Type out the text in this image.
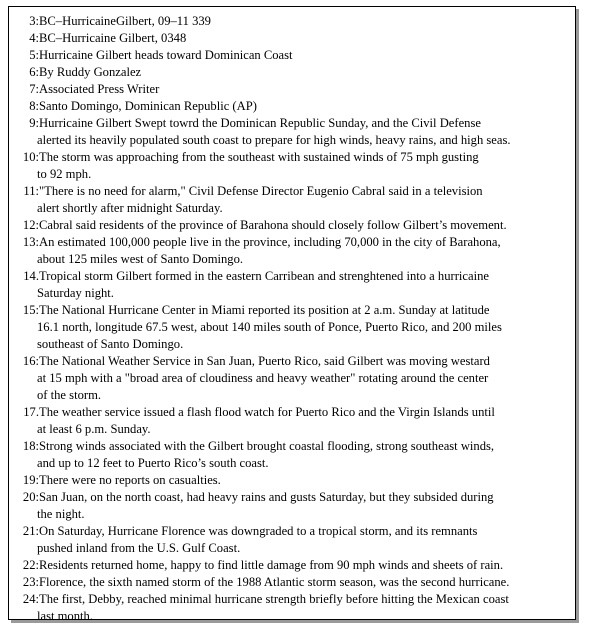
3: BC–HurricaineGilbert, 09–11 339
4: BC–Hurricaine Gilbert, 0348
5: Hurricaine Gilbert heads toward Dominican Coast
6: By Ruddy Gonzalez
7: Associated Press Writer
8: Santo Domingo, Dominican Republic (AP)
9: Hurricaine Gilbert Swept towrd the Dominican Republic Sunday, and the Civil Defense
alerted its heavily populated south coast to prepare for high winds, heavy rains, and high seas.
10: The storm was approaching from the southeast with sustained winds of 75 mph gusting
to 92 mph.
11: "There is no need for alarm," Civil Defense Director Eugenio Cabral said in a television
alert shortly after midnight Saturday.
12: Cabral said residents of the province of Barahona should closely follow Gilbert’s movement.
13: An estimated 100,000 people live in the province, including 70,000 in the city of Barahona,
about 125 miles west of Santo Domingo.
14. Tropical storm Gilbert formed in the eastern Carribean and strenghtened into a hurricaine
Saturday night.
15: The National Hurricane Center in Miami reported its position at 2 a.m. Sunday at latitude
16.1 north, longitude 67.5 west, about 140 miles south of Ponce, Puerto Rico, and 200 miles
southeast of Santo Domingo.
16: The National Weather Service in San Juan, Puerto Rico, said Gilbert was moving westard
at 15 mph with a "broad area of cloudiness and heavy weather" rotating around the center
of the storm.
17. The weather service issued a flash flood watch for Puerto Rico and the Virgin Islands until
at least 6 p.m. Sunday.
18: Strong winds associated with the Gilbert brought coastal flooding, strong southeast winds,
and up to 12 feet to Puerto Rico’s south coast.
19: There were no reports on casualties.
20: San Juan, on the north coast, had heavy rains and gusts Saturday, but they subsided during
the night.
21: On Saturday, Hurricane Florence was downgraded to a tropical storm, and its remnants
pushed inland from the U.S. Gulf Coast.
22: Residents returned home, happy to find little damage from 90 mph winds and sheets of rain.
23: Florence, the sixth named storm of the 1988 Atlantic storm season, was the second hurricane.
24: The first, Debby, reached minimal hurricane strength briefly before hitting the Mexican coast
last month.
